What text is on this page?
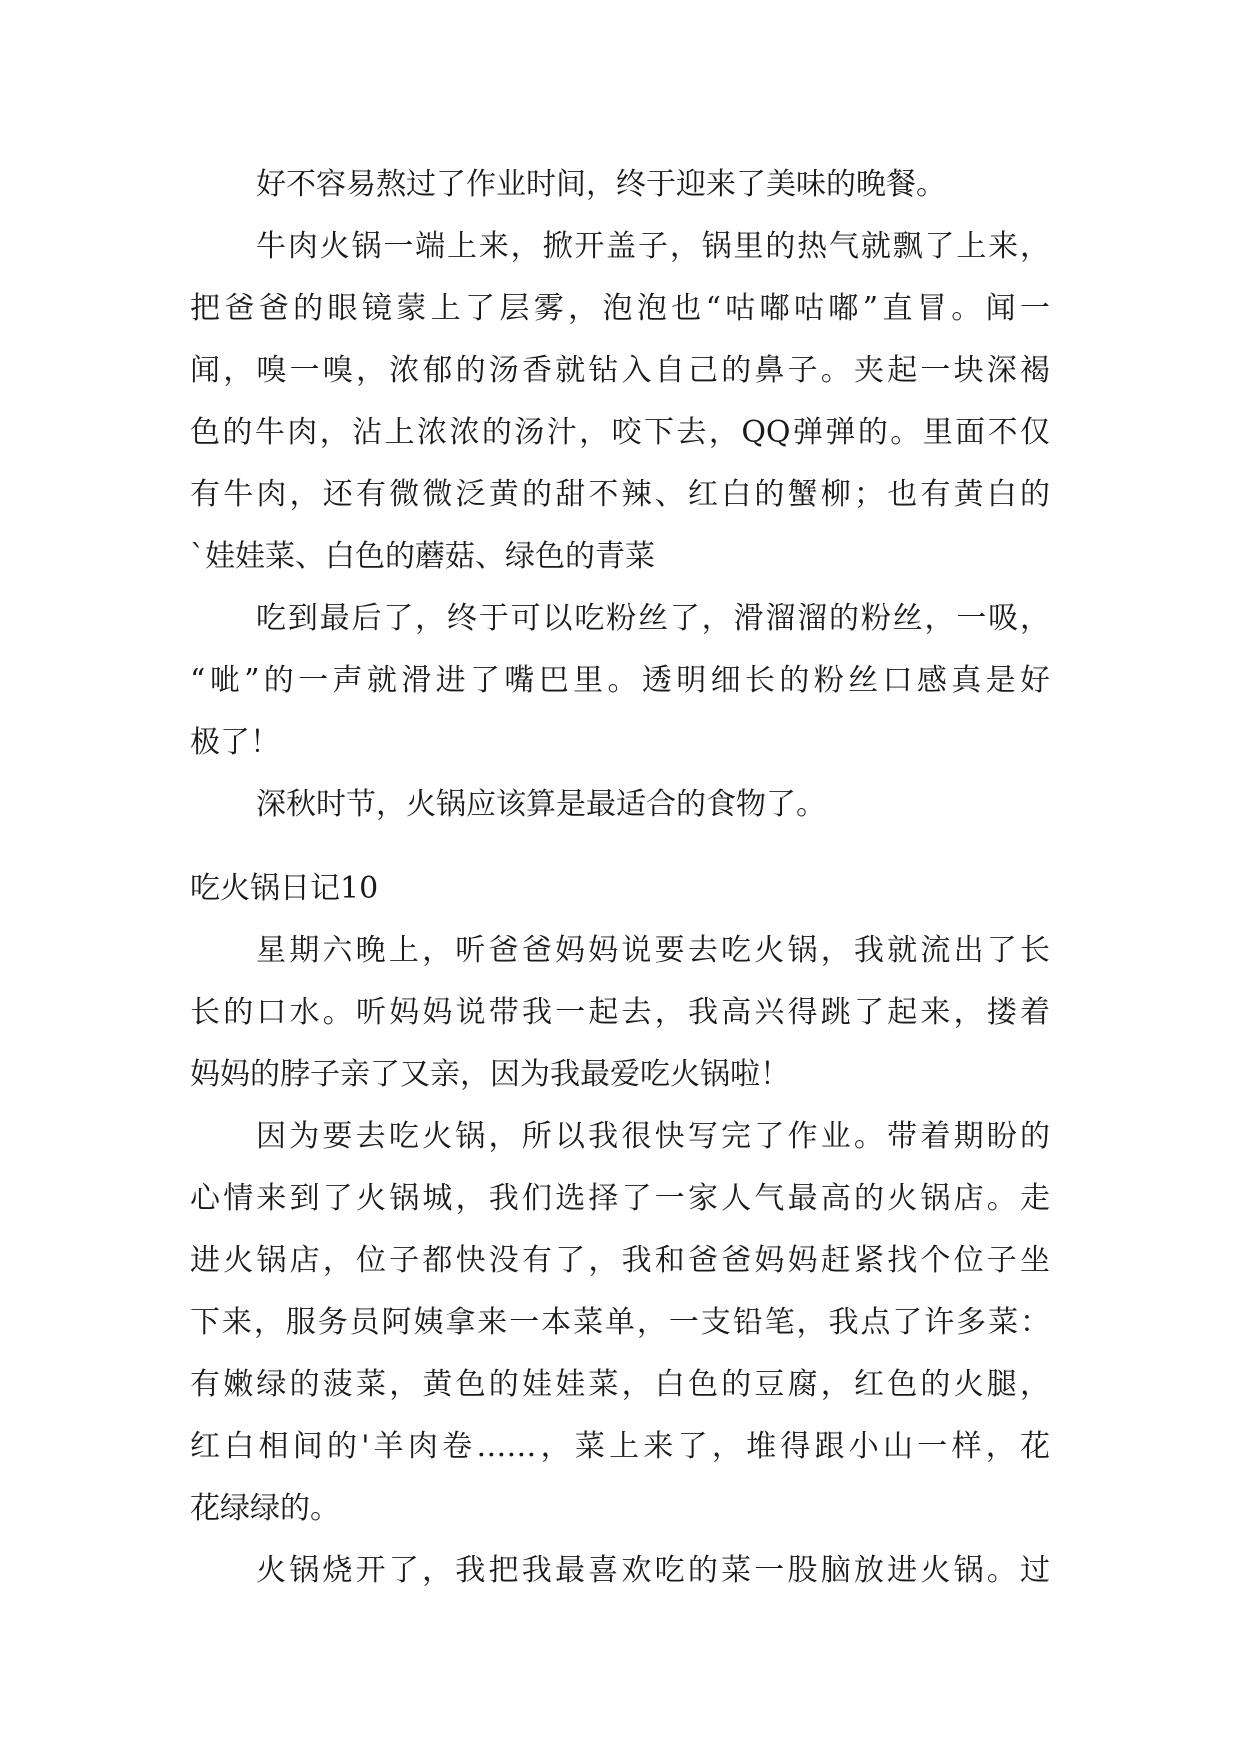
好不容易熬过了作业时间，终于迎来了美味的晚餐。
牛肉火锅一端上来，掀开盖子，锅里的热气就飘了上来，
把爸爸的眼镜蒙上了层雾，泡泡也“咕嘟咕嘟”直冒。闻一
闻，嗅一嗅，浓郁的汤香就钻入自己的鼻子。夹起一块深褐
色的牛肉，沾上浓浓的汤汁，咬下去，QQ弹弹的。里面不仅
有牛肉，还有微微泛黄的甜不辣、红白的蟹柳；也有黄白的
`娃娃菜、白色的蘑菇、绿色的青菜
吃到最后了，终于可以吃粉丝了，滑溜溜的粉丝，一吸，
“呲”的一声就滑进了嘴巴里。透明细长的粉丝口感真是好
极了！
深秋时节，火锅应该算是最适合的食物了。
吃火锅日记10
星期六晚上，听爸爸妈妈说要去吃火锅，我就流出了长
长的口水。听妈妈说带我一起去，我高兴得跳了起来，搂着
妈妈的脖子亲了又亲，因为我最爱吃火锅啦！
因为要去吃火锅，所以我很快写完了作业。带着期盼的
心情来到了火锅城，我们选择了一家人气最高的火锅店。走
进火锅店，位子都快没有了，我和爸爸妈妈赶紧找个位子坐
下来，服务员阿姨拿来一本菜单，一支铅笔，我点了许多菜：
有嫩绿的菠菜，黄色的娃娃菜，白色的豆腐，红色的火腿，
红白相间的'羊肉卷……，菜上来了，堆得跟小山一样，花
花绿绿的。
火锅烧开了，我把我最喜欢吃的菜一股脑放进火锅。过
